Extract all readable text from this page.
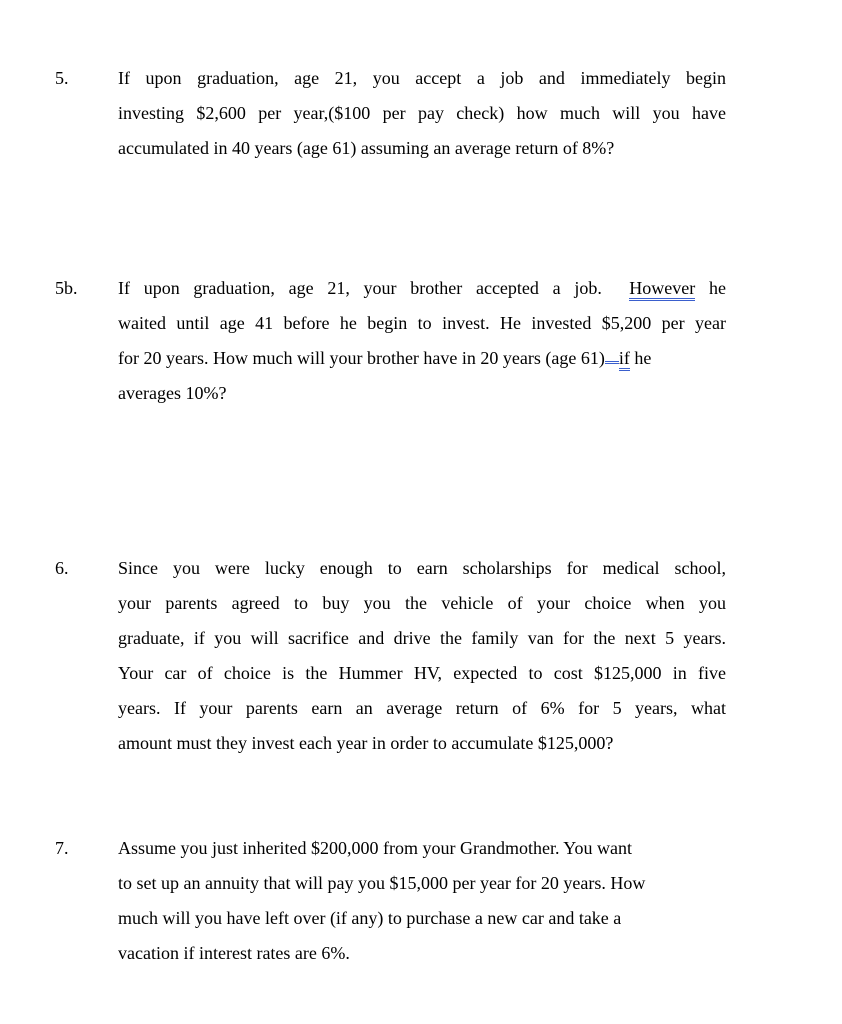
5.	If upon graduation, age 21, you accept a job and immediately begin
investing $2,600 per year,($100 per pay check) how much will you have
accumulated in 40 years (age 61) assuming an average return of 8%?
5b. If upon graduation, age 21, your brother accepted a job. However he
waited until age 41 before he begin to invest. He invested $5,200 per year
for 20 years. How much will your brother have in 20 years (age 61) if he
averages 10%?
6.	Since you were lucky enough to earn scholarships for medical school,
your parents agreed to buy you the vehicle of your choice when you
graduate, if you will sacrifice and drive the family van for the next 5 years.
Your car of choice is the Hummer HV, expected to cost $125,000 in five
years. If your parents earn an average return of 6% for 5 years, what
amount must they invest each year in order to accumulate $125,000?
7.	Assume you just inherited $200,000 from your Grandmother. You want
to set up an annuity that will pay you $15,000 per year for 20 years. How
much will you have left over (if any) to purchase a new car and take a
vacation if interest rates are 6%.
